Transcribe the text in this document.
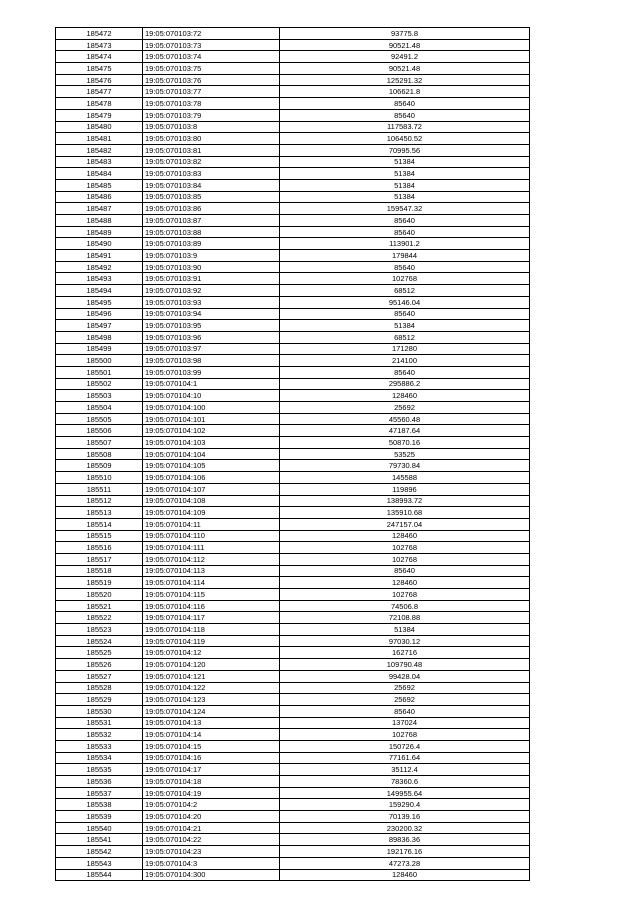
185472	19:05:070103:72	93775.8
185473	19:05:070103:73	90521.48
185474	19:05:070103:74	92491.2
185475	19:05:070103:75	90521.48
185476	19:05:070103:76	125291.32
185477	19:05:070103:77	106621.8
185478	19:05:070103:78	85640
185479	19:05:070103:79	85640
185480	19:05:070103:8	117583.72
185481	19:05:070103:80	106450.52
185482	19:05:070103:81	70995.56
185483	19:05:070103:82	51384
185484	19:05:070103:83	51384
185485	19:05:070103:84	51384
185486	19:05:070103:85	51384
185487	19:05:070103:86	159547.32
185488	19:05:070103:87	85640
185489	19:05:070103:88	85640
185490	19:05:070103:89	113901.2
185491	19:05:070103:9	179844
185492	19:05:070103:90	85640
185493	19:05:070103:91	102768
185494	19:05:070103:92	68512
185495	19:05:070103:93	95146.04
185496	19:05:070103:94	85640
185497	19:05:070103:95	51384
185498	19:05:070103:96	68512
185499	19:05:070103:97	171280
185500	19:05:070103:98	214100
185501	19:05:070103:99	85640
185502	19:05:070104:1	295886.2
185503	19:05:070104:10	128460
185504	19:05:070104:100	25692
185505	19:05:070104:101	45560.48
185506	19:05:070104:102	47187.64
185507	19:05:070104:103	50870.16
185508	19:05:070104:104	53525
185509	19:05:070104:105	79730.84
185510	19:05:070104:106	145588
185511	19:05:070104:107	119896
185512	19:05:070104:108	138993.72
185513	19:05:070104:109	135910.68
185514	19:05:070104:11	247157.04
185515	19:05:070104:110	128460
185516	19:05:070104:111	102768
185517	19:05:070104:112	102768
185518	19:05:070104:113	85640
185519	19:05:070104:114	128460
185520	19:05:070104:115	102768
185521	19:05:070104:116	74506.8
185522	19:05:070104:117	72108.88
185523	19:05:070104:118	51384
185524	19:05:070104:119	97030.12
185525	19:05:070104:12	162716
185526	19:05:070104:120	109790.48
185527	19:05:070104:121	99428.04
185528	19:05:070104:122	25692
185529	19:05:070104:123	25692
185530	19:05:070104:124	85640
185531	19:05:070104:13	137024
185532	19:05:070104:14	102768
185533	19:05:070104:15	150726.4
185534	19:05:070104:16	77161.64
185535	19:05:070104:17	35112.4
185536	19:05:070104:18	78360.6
185537	19:05:070104:19	149955.64
185538	19:05:070104:2	159290.4
185539	19:05:070104:20	70139.16
185540	19:05:070104:21	230200.32
185541	19:05:070104:22	89836.36
185542	19:05:070104:23	192176.16
185543	19:05:070104:3	47273.28
185544	19:05:070104:300	128460
